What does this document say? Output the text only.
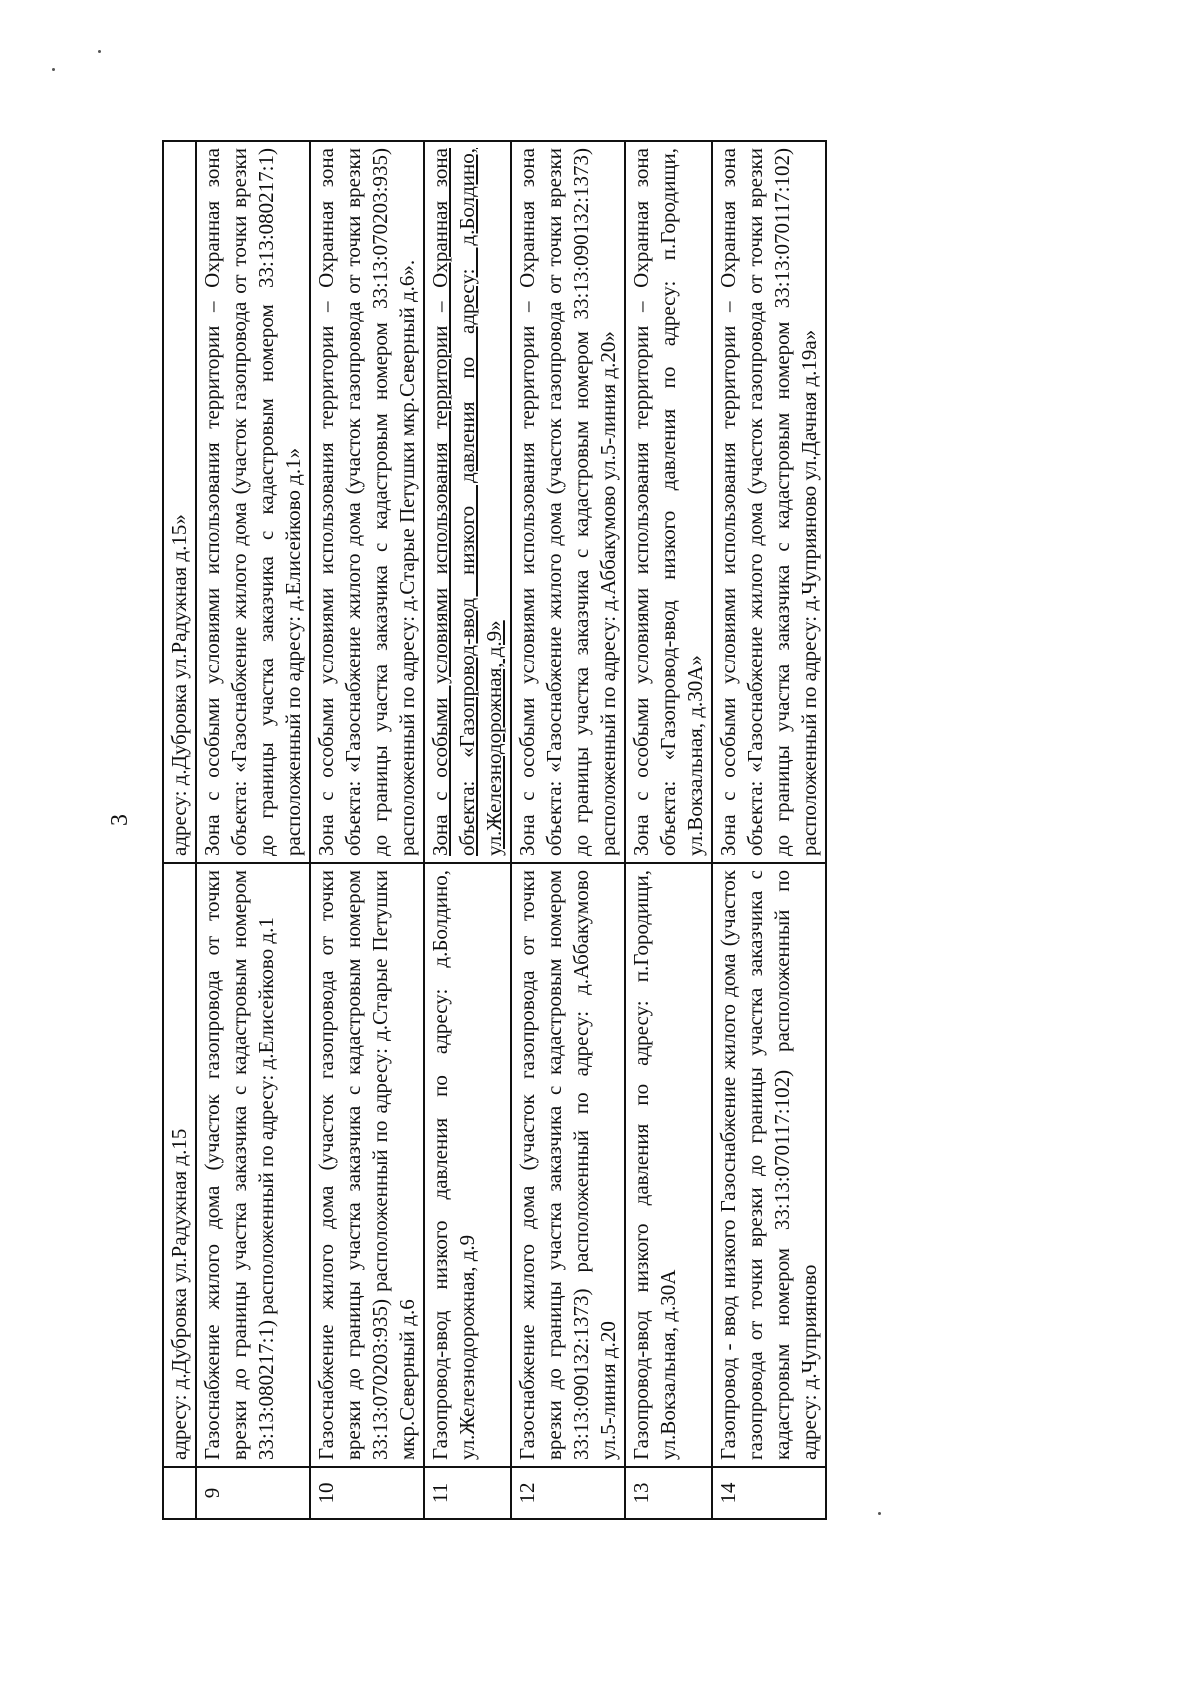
3
	адресу: д.Дубровка ул.Радужная д.15	адресу: д.Дубровка ул.Радужная д.15»
9	Газоснабжение жилого дома (участок газопровода от точки врезки до границы участка заказчика с кадастровым номером 33:13:080217:1) расположенный по адресу: д.Елисейково д.1	Зона с особыми условиями использования территории – Охранная зона объекта: «Газоснабжение жилого дома (участок газопровода от точки врезки до границы участка заказчика с кадастровым номером 33:13:080217:1) расположенный по адресу: д.Елисейково д.1»
10	Газоснабжение жилого дома (участок газопровода от точки врезки до границы участка заказчика с кадастровым номером 33:13:070203:935) расположенный по адресу: д.Старые Петушки мкр.Северный д.6	Зона с особыми условиями использования территории – Охранная зона объекта: «Газоснабжение жилого дома (участок газопровода от точки врезки до границы участка заказчика с кадастровым номером 33:13:070203:935) расположенный по адресу: д.Старые Петушки мкр.Северный д.6».
11	Газопровод-ввод низкого давления по адресу: д.Болдино, ул.Железнодорожная, д.9	Зона с особыми условиями использования территории – Охранная зона объекта: «Газопровод-ввод низкого давления по адресу: д.Болдино, ул.Железнодорожная, д.9»
12	Газоснабжение жилого дома (участок газопровода от точки врезки до границы участка заказчика с кадастровым номером 33:13:090132:1373) расположенный по адресу: д.Аббакумово ул.5-линия д.20	Зона с особыми условиями использования территории – Охранная зона объекта: «Газоснабжение жилого дома (участок газопровода от точки врезки до границы участка заказчика с кадастровым номером 33:13:090132:1373) расположенный по адресу: д.Аббакумово ул.5-линия д.20»
13	Газопровод-ввод низкого давления по адресу: п.Городищи, ул.Вокзальная, д.30А	Зона с особыми условиями использования территории – Охранная зона объекта: «Газопровод-ввод низкого давления по адресу: п.Городищи, ул.Вокзальная, д.30А»
14	Газопровод - ввод низкого Газоснабжение жилого дома (участок газопровода от точки врезки до границы участка заказчика с кадастровым номером 33:13:070117:102) расположенный по адресу: д.Чуприяново	Зона с особыми условиями использования территории – Охранная зона объекта: «Газоснабжение жилого дома (участок газопровода от точки врезки до границы участка заказчика с кадастровым номером 33:13:070117:102) расположенный по адресу: д.Чуприяново ул.Дачная д.19а»
